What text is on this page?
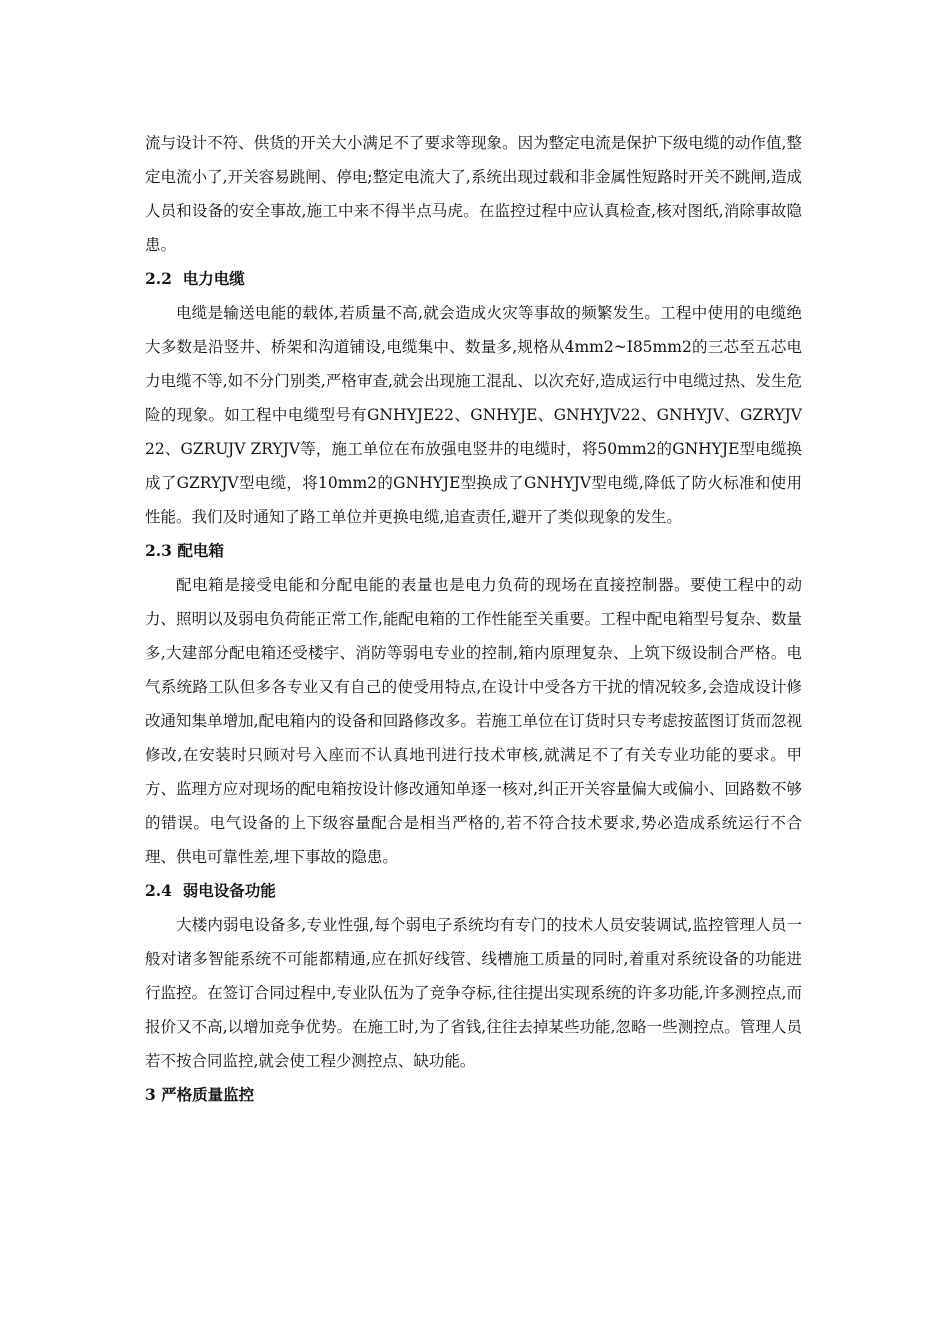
流与设计不符、供货的开关大小满足不了要求等现象。因为整定电流是保护下级电缆的动作值,整定电流小了,开关容易跳闸、停电;整定电流大了,系统出现过载和非金属性短路时开关不跳闸,造成人员和设备的安全事故,施工中来不得半点马虎。在监控过程中应认真检查,核对图纸,消除事故隐患。

2.2  电力电缆

电缆是输送电能的载体,若质量不高,就会造成火灾等事故的频繁发生。工程中使用的电缆绝大多数是沿竖井、桥架和沟道铺设,电缆集中、数量多,规格从4mm2~I85mm2的三芯至五芯电力电缆不等,如不分门别类,严格审查,就会出现施工混乱、以次充好,造成运行中电缆过热、发生危险的现象。如工程中电缆型号有GNHYJE22、GNHYJE、GNHYJV22、GNHYJV、GZRYJV22、GZRUJV ZRYJV等，施工单位在布放强电竖井的电缆时，将50mm2的GNHYJE型电缆换成了GZRYJV型电缆，将10mm2的GNHYJE型换成了GNHYJV型电缆,降低了防火标准和使用性能。我们及时通知了路工单位并更换电缆,追查责任,避开了类似现象的发生。

2.3 配电箱

配电箱是接受电能和分配电能的表量也是电力负荷的现场在直接控制器。要使工程中的动力、照明以及弱电负荷能正常工作,能配电箱的工作性能至关重要。工程中配电箱型号复杂、数量多,大建部分配电箱还受楼宇、消防等弱电专业的控制,箱内原理复杂、上筑下级设制合严格。电气系统路工队但多各专业又有自己的使受用特点,在设计中受各方干扰的情况较多,会造成设计修改通知集单增加,配电箱内的设备和回路修改多。若施工单位在订货时只专考虑按蓝图订货而忽视修改,在安装时只顾对号入座而不认真地刊进行技术审核,就满足不了有关专业功能的要求。甲方、监理方应对现场的配电箱按设计修改通知单逐一核对,纠正开关容量偏大或偏小、回路数不够的错误。电气设备的上下级容量配合是相当严格的,若不符合技术要求,势必造成系统运行不合理、供电可靠性差,埋下事故的隐患。

2.4  弱电设备功能

大楼内弱电设备多,专业性强,每个弱电子系统均有专门的技术人员安装调试,监控管理人员一般对诸多智能系统不可能都精通,应在抓好线管、线槽施工质量的同时,着重对系统设备的功能进行监控。在签订合同过程中,专业队伍为了竞争夺标,往往提出实现系统的许多功能,许多测控点,而报价又不高,以增加竞争优势。在施工时,为了省钱,往往去掉某些功能,忽略一些测控点。管理人员若不按合同监控,就会使工程少测控点、缺功能。

3 严格质量监控
